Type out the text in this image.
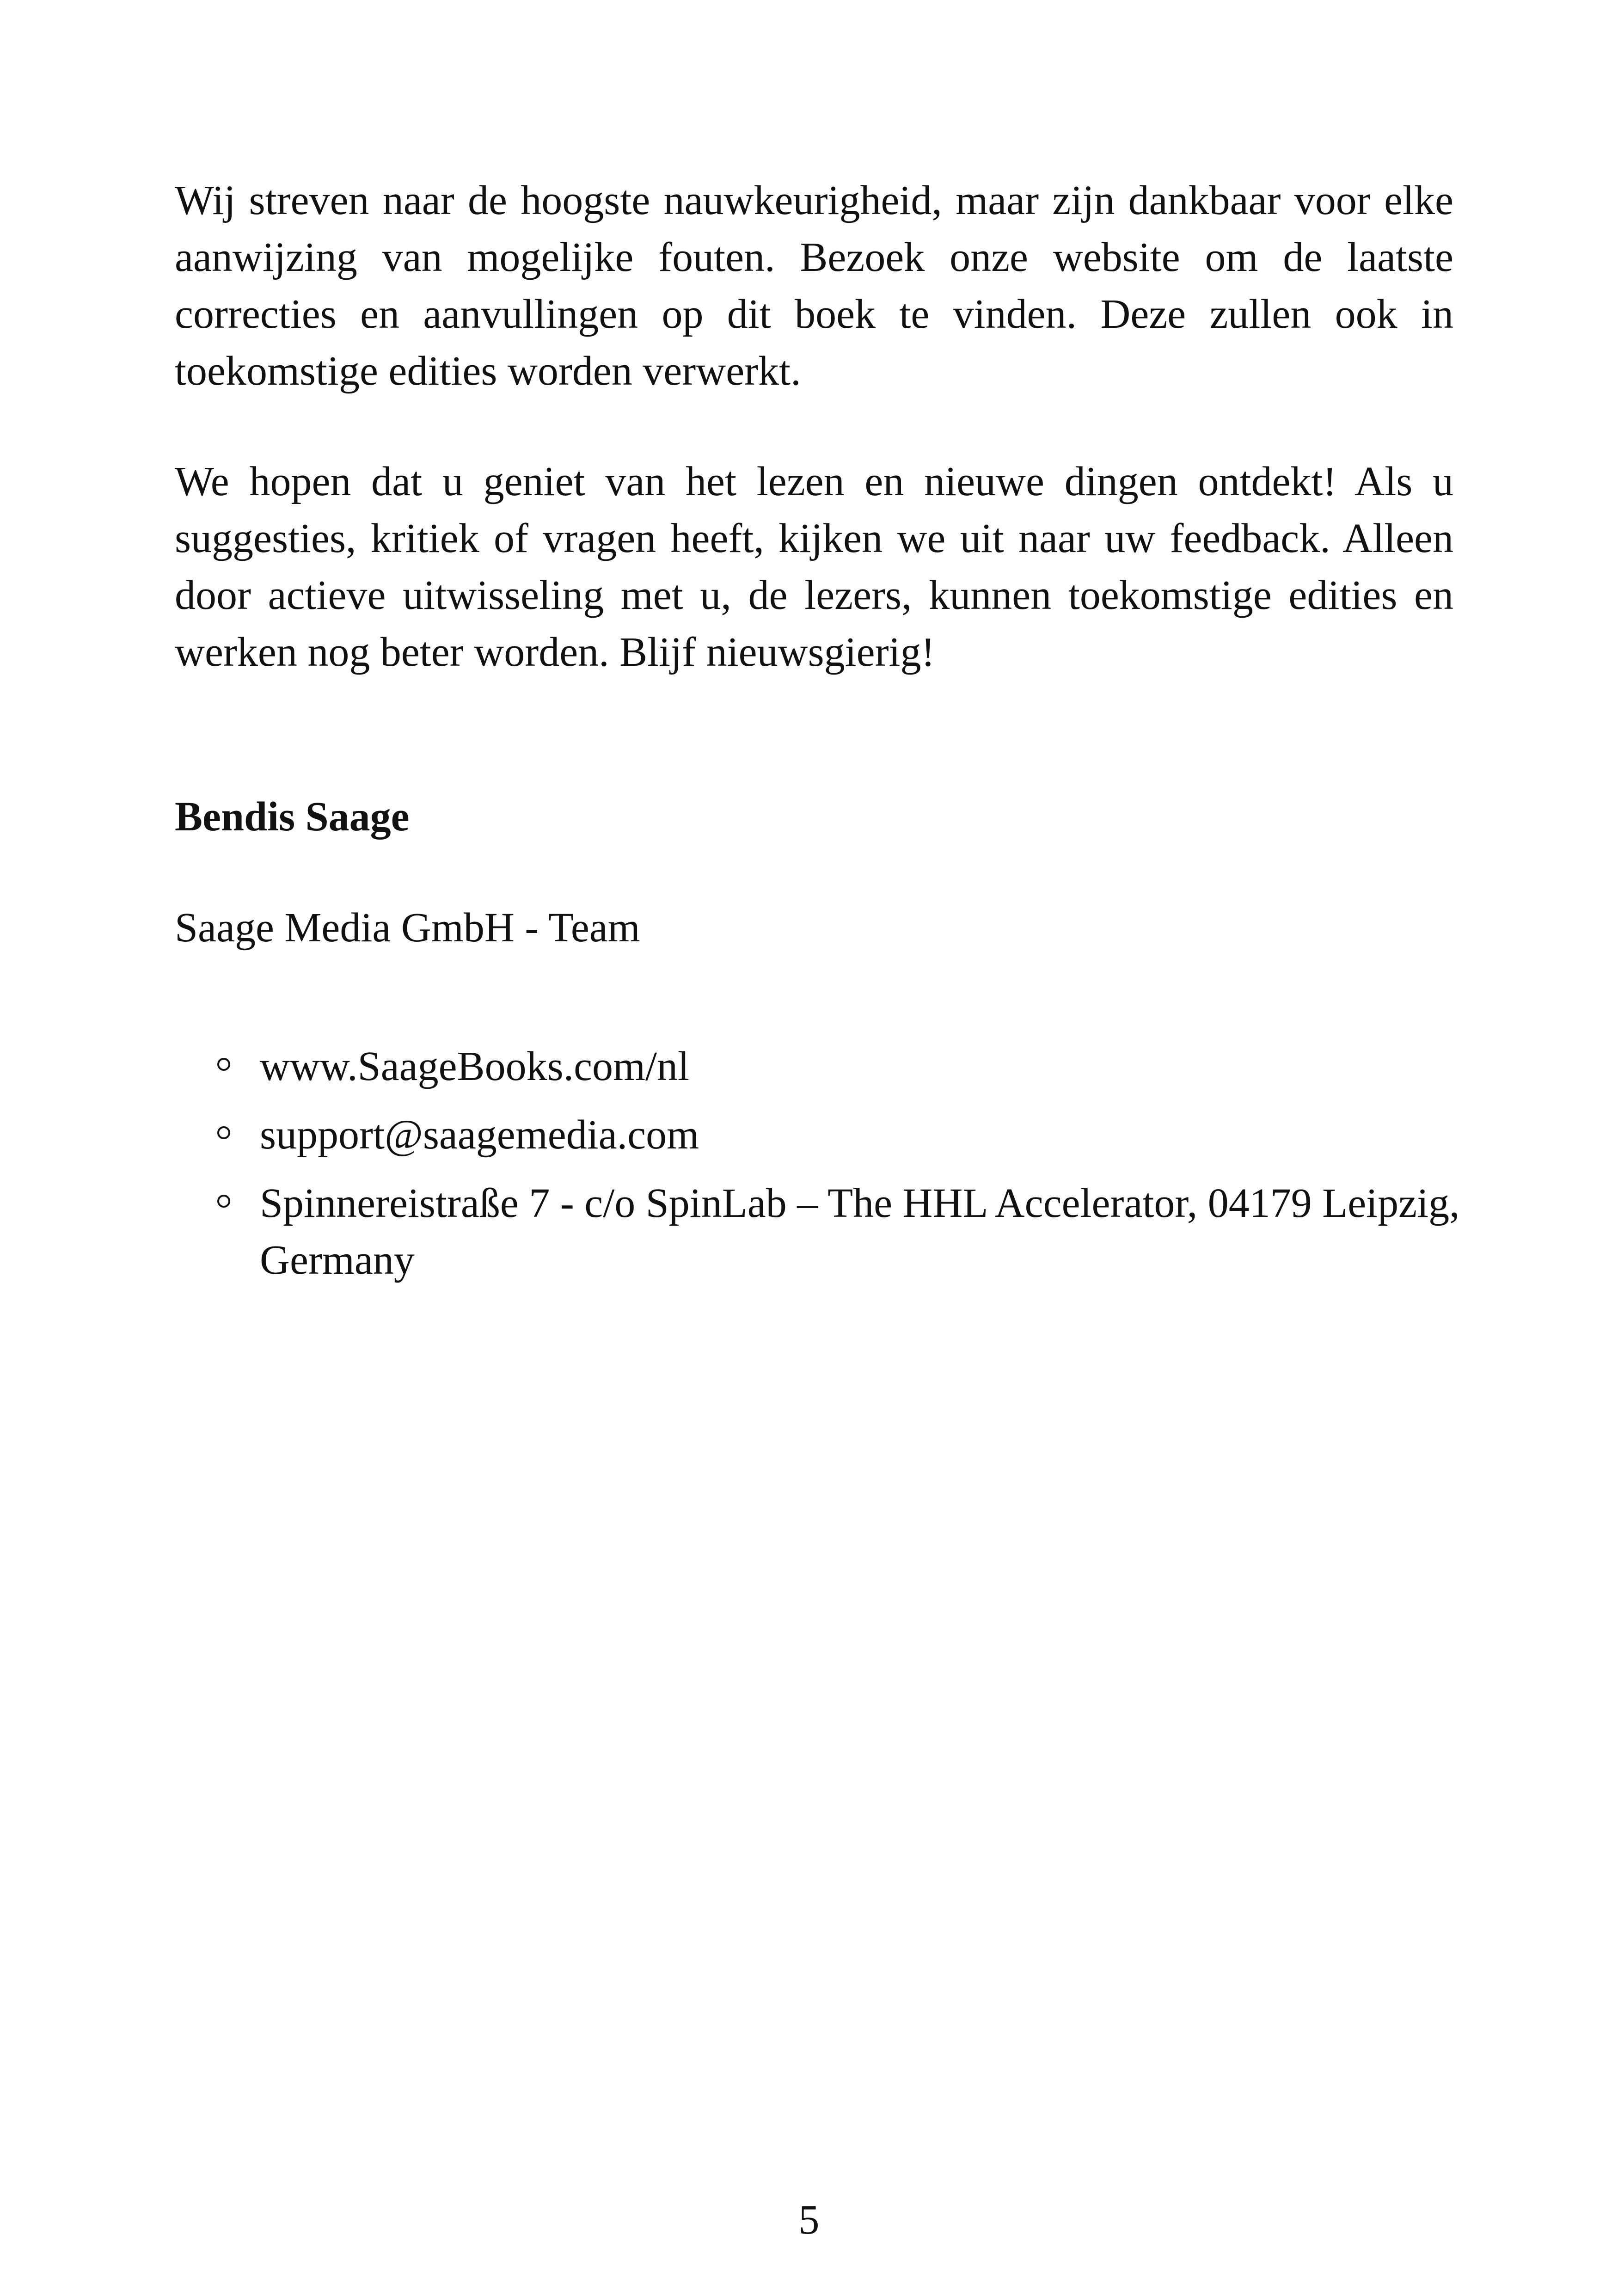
Wij streven naar de hoogste nauwkeurigheid, maar zijn dankbaar voor elke aanwijzing van mogelijke fouten. Bezoek onze website om de laatste correcties en aanvullingen op dit boek te vinden. Deze zullen ook in toekomstige edities worden verwerkt.

We hopen dat u geniet van het lezen en nieuwe dingen ontdekt! Als u suggesties, kritiek of vragen heeft, kijken we uit naar uw feedback. Alleen door actieve uitwisseling met u, de lezers, kunnen toekomstige edities en werken nog beter worden. Blijf nieuwsgierig!

Bendis Saage

Saage Media GmbH - Team

www.SaageBooks.com/nl
support@saagemedia.com
Spinnereistraße 7 - c/o SpinLab – The HHL Accelerator, 04179 Leipzig, Germany

5
